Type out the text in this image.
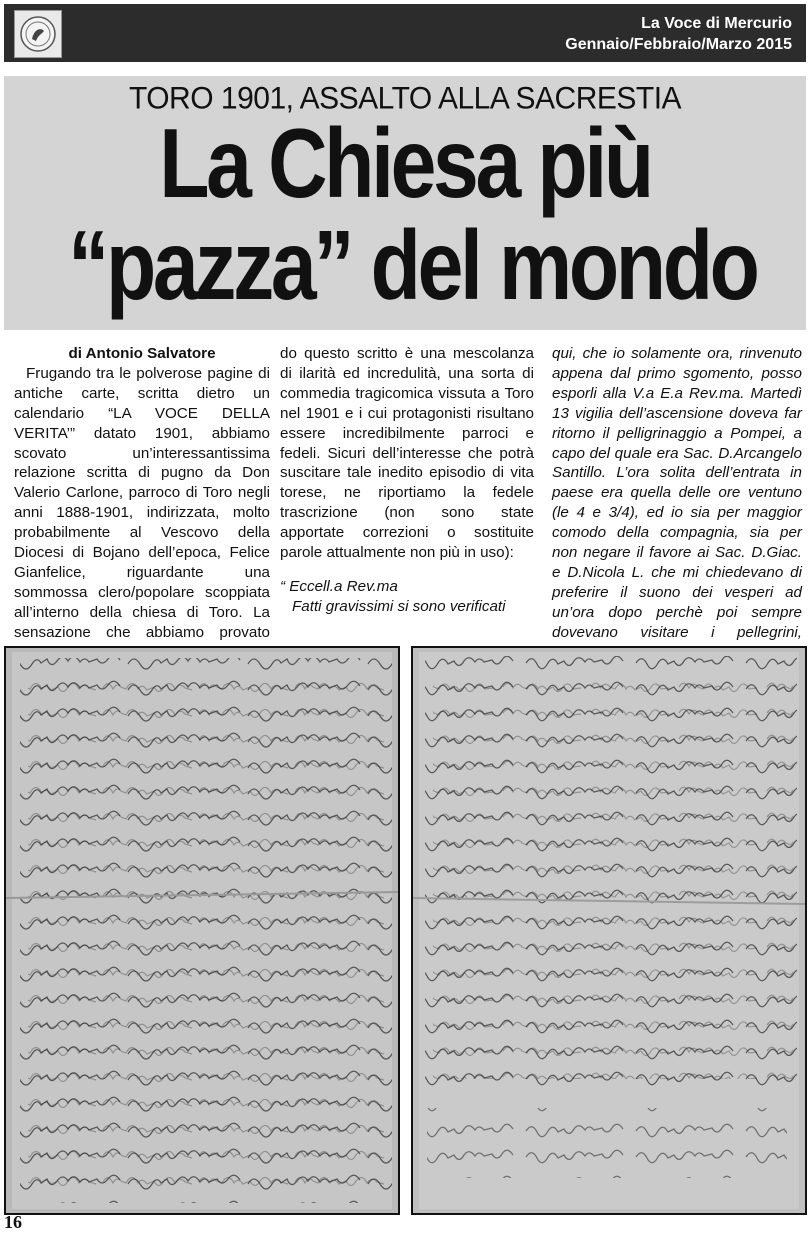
La Voce di Mercurio
Gennaio/Febbraio/Marzo 2015
TORO 1901, ASSALTO ALLA SACRESTIA
La Chiesa più
“pazza” del mondo
di Antonio Salvatore

Frugando tra le polverose pagine di antiche carte, scritta dietro un calendario “LA VOCE DELLA VERITA’” datato 1901, abbiamo scovato un’interessantissima relazione scritta di pugno da Don Valerio Carlone, parroco di Toro negli anni 1888-1901, indirizzata, molto probabilmente al Vescovo della Diocesi di Bojano dell’epoca, Felice Gianfelice, riguardante una sommossa clero/popolare scoppiata all’interno della chiesa di Toro. La sensazione che abbiamo provato

do questo scritto è una mescolanza di ilarità ed incredulità, una sorta di commedia tragicomica vissuta a Toro nel 1901 e i cui protagonisti risultano essere incredibilmente parroci e fedeli. Sicuri dell’interesse che potrà suscitare tale inedito episodio di vita torese, ne riportiamo la fedele trascrizione (non sono state apportate correzioni o sostituite parole attualmente non più in uso):

“ Eccell.a Rev.ma

Fatti gravissimi si sono verificati

qui, che io solamente ora, rinvenuto appena dal primo sgomento, posso esporli alla V.a E.a Rev.ma. Martedì 13 vigilia dell’ascensione doveva far ritorno il pelligrinaggio a Pompei, a capo del quale era Sac. D.Arcangelo Santillo. L’ora solita dell’entrata in paese era quella delle ore ventuno (le 4 e 3/4), ed io sia per maggior comodo della compagnia, sia per non negare il favore ai Sac. D.Giac. e D.Nicola L. che mi chiedevano di preferire il suono dei vesperi ad un’ora dopo perchè poi sempre dovevano visitare i pellegrini,

16
